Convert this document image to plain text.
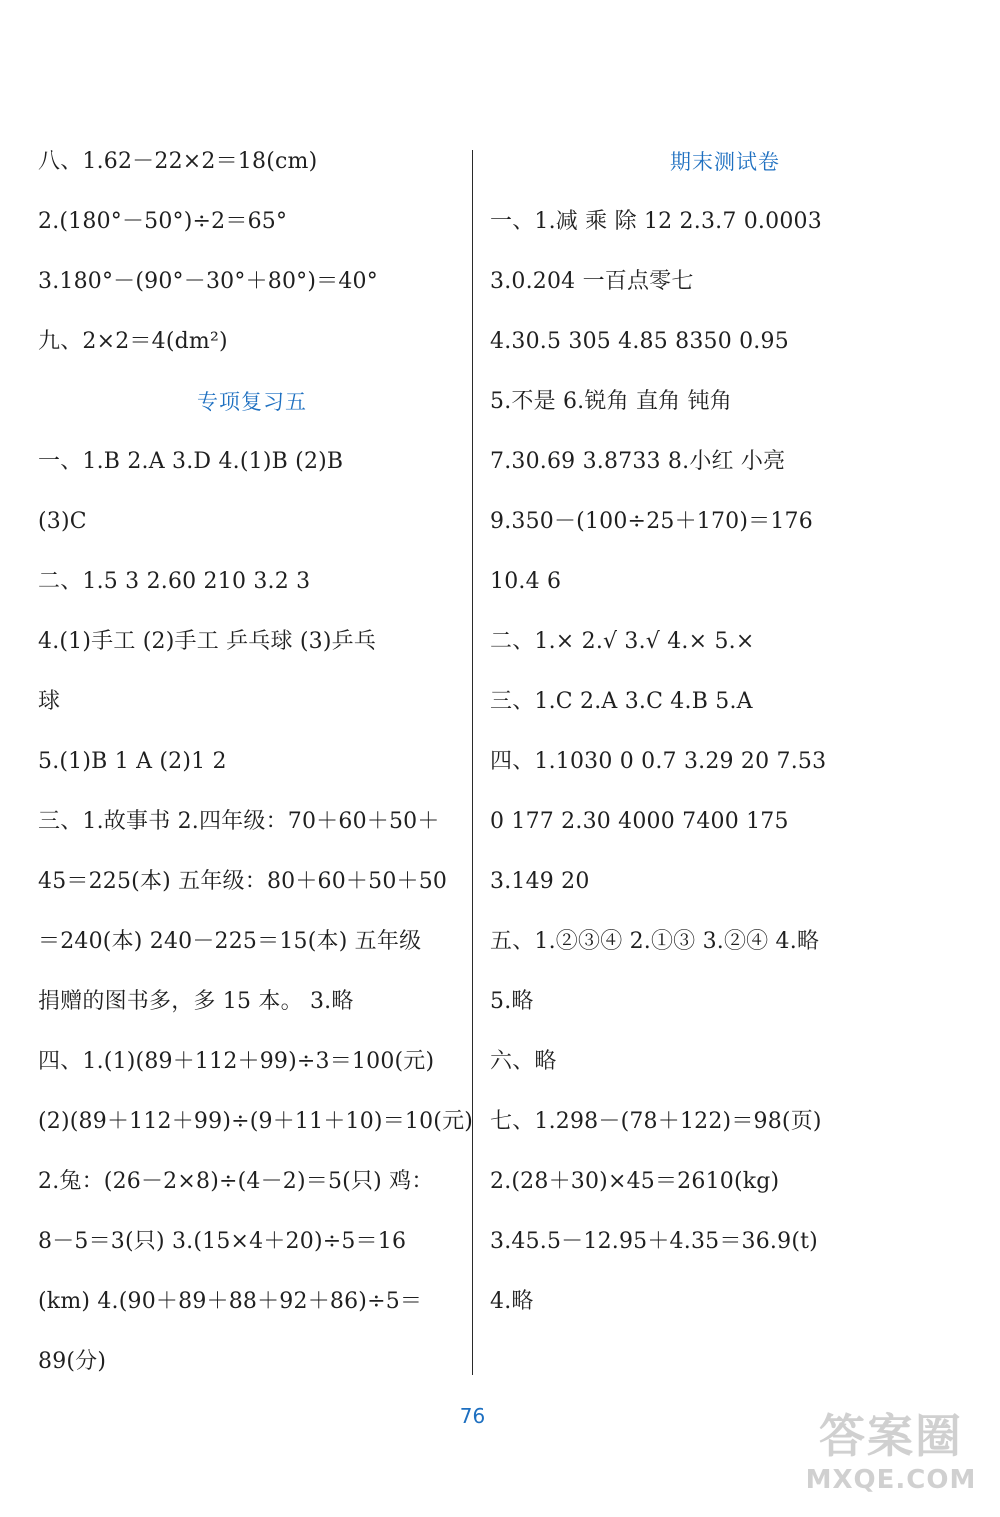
八、1.62－22×2＝18(cm)
2.(180°－50°)÷2＝65°
3.180°－(90°－30°＋80°)＝40°
九、2×2＝4(dm²)
专项复习五
一、1.B 2.A 3.D 4.(1)B (2)B
(3)C
二、1.5 3 2.60 210 3.2 3
4.(1)手工 (2)手工 乒乓球 (3)乒乓
球
5.(1)B 1 A (2)1 2
三、1.故事书 2.四年级：70＋60＋50＋
45＝225(本) 五年级：80＋60＋50＋50
＝240(本) 240－225＝15(本) 五年级
捐赠的图书多，多 15 本。 3.略
四、1.(1)(89＋112＋99)÷3＝100(元)
(2)(89＋112＋99)÷(9＋11＋10)＝10(元)
2.兔：(26－2×8)÷(4－2)＝5(只) 鸡：
8－5＝3(只) 3.(15×4＋20)÷5＝16
(km) 4.(90＋89＋88＋92＋86)÷5＝
89(分)
期末测试卷
一、1.减 乘 除 12 2.3.7 0.0003
3.0.204 一百点零七
4.30.5 305 4.85 8350 0.95
5.不是 6.锐角 直角 钝角
7.30.69 3.8733 8.小红 小亮
9.350－(100÷25＋170)＝176
10.4 6
二、1.× 2.√ 3.√ 4.× 5.×
三、1.C 2.A 3.C 4.B 5.A
四、1.1030 0 0.7 3.29 20 7.53
0 177 2.30 4000 7400 175
3.149 20
五、1.②③④ 2.①③ 3.②④ 4.略
5.略
六、略
七、1.298－(78＋122)＝98(页)
2.(28＋30)×45＝2610(kg)
3.45.5－12.95＋4.35＝36.9(t)
4.略
76	答案圈
MXQE.COM
